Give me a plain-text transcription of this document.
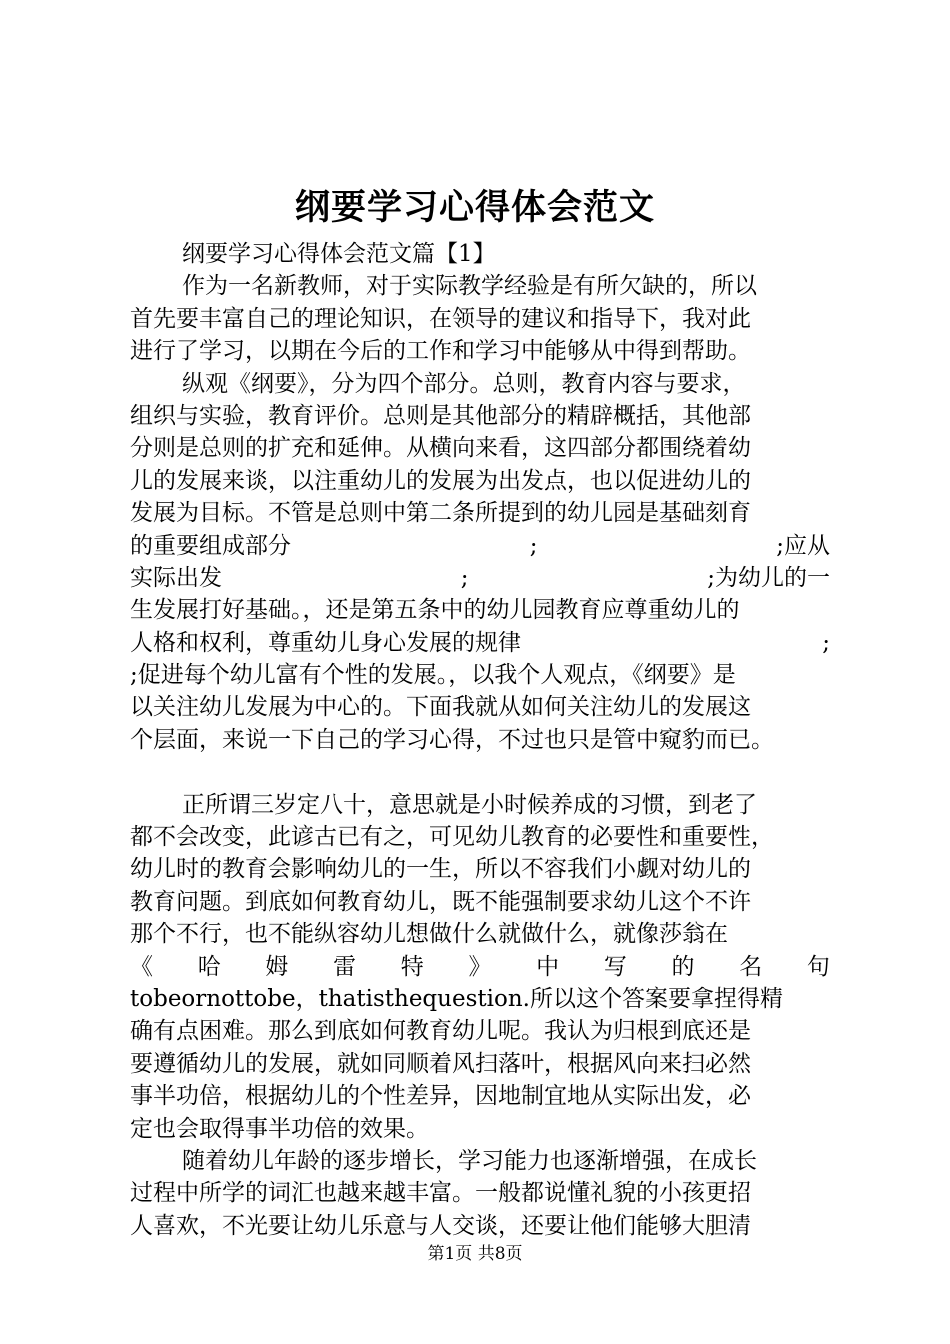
纲要学习心得体会范文
纲要学习心得体会范文篇【1】
作为一名新教师，对于实际教学经验是有所欠缺的，所以
首先要丰富自己的理论知识，在领导的建议和指导下，我对此
进行了学习，以期在今后的工作和学习中能够从中得到帮助。
纵观《纲要》，分为四个部分。总则，教育内容与要求，
组织与实验，教育评价。总则是其他部分的精辟概括，其他部
分则是总则的扩充和延伸。从横向来看，这四部分都围绕着幼
儿的发展来谈，以注重幼儿的发展为出发点，也以促进幼儿的
发展为目标。不管是总则中第二条所提到的幼儿园是基础刻育
的重要组成部分	;	;应从
实际出发	;	;为幼儿的一
生发展打好基础。，还是第五条中的幼儿园教育应尊重幼儿的
人格和权利，尊重幼儿身心发展的规律	;
;促进每个幼儿富有个性的发展。，以我个人观点，《纲要》是
以关注幼儿发展为中心的。下面我就从如何关注幼儿的发展这
个层面，来说一下自己的学习心得，不过也只是管中窥豹而已。
正所谓三岁定八十，意思就是小时候养成的习惯，到老了
都不会改变，此谚古已有之，可见幼儿教育的必要性和重要性，
幼儿时的教育会影响幼儿的一生，所以不容我们小觑对幼儿的
教育问题。到底如何教育幼儿，既不能强制要求幼儿这个不许
那个不行，也不能纵容幼儿想做什么就做什么，就像莎翁在
《 哈 姆 雷 特 》 中 写 的 名 句
tobeornottobe，thatisthequestion.所以这个答案要拿捏得精
确有点困难。那么到底如何教育幼儿呢。我认为归根到底还是
要遵循幼儿的发展，就如同顺着风扫落叶，根据风向来扫必然
事半功倍，根据幼儿的个性差异，因地制宜地从实际出发，必
定也会取得事半功倍的效果。
随着幼儿年龄的逐步增长，学习能力也逐渐增强，在成长
过程中所学的词汇也越来越丰富。一般都说懂礼貌的小孩更招
人喜欢，不光要让幼儿乐意与人交谈，还要让他们能够大胆清
第1页 共8页
